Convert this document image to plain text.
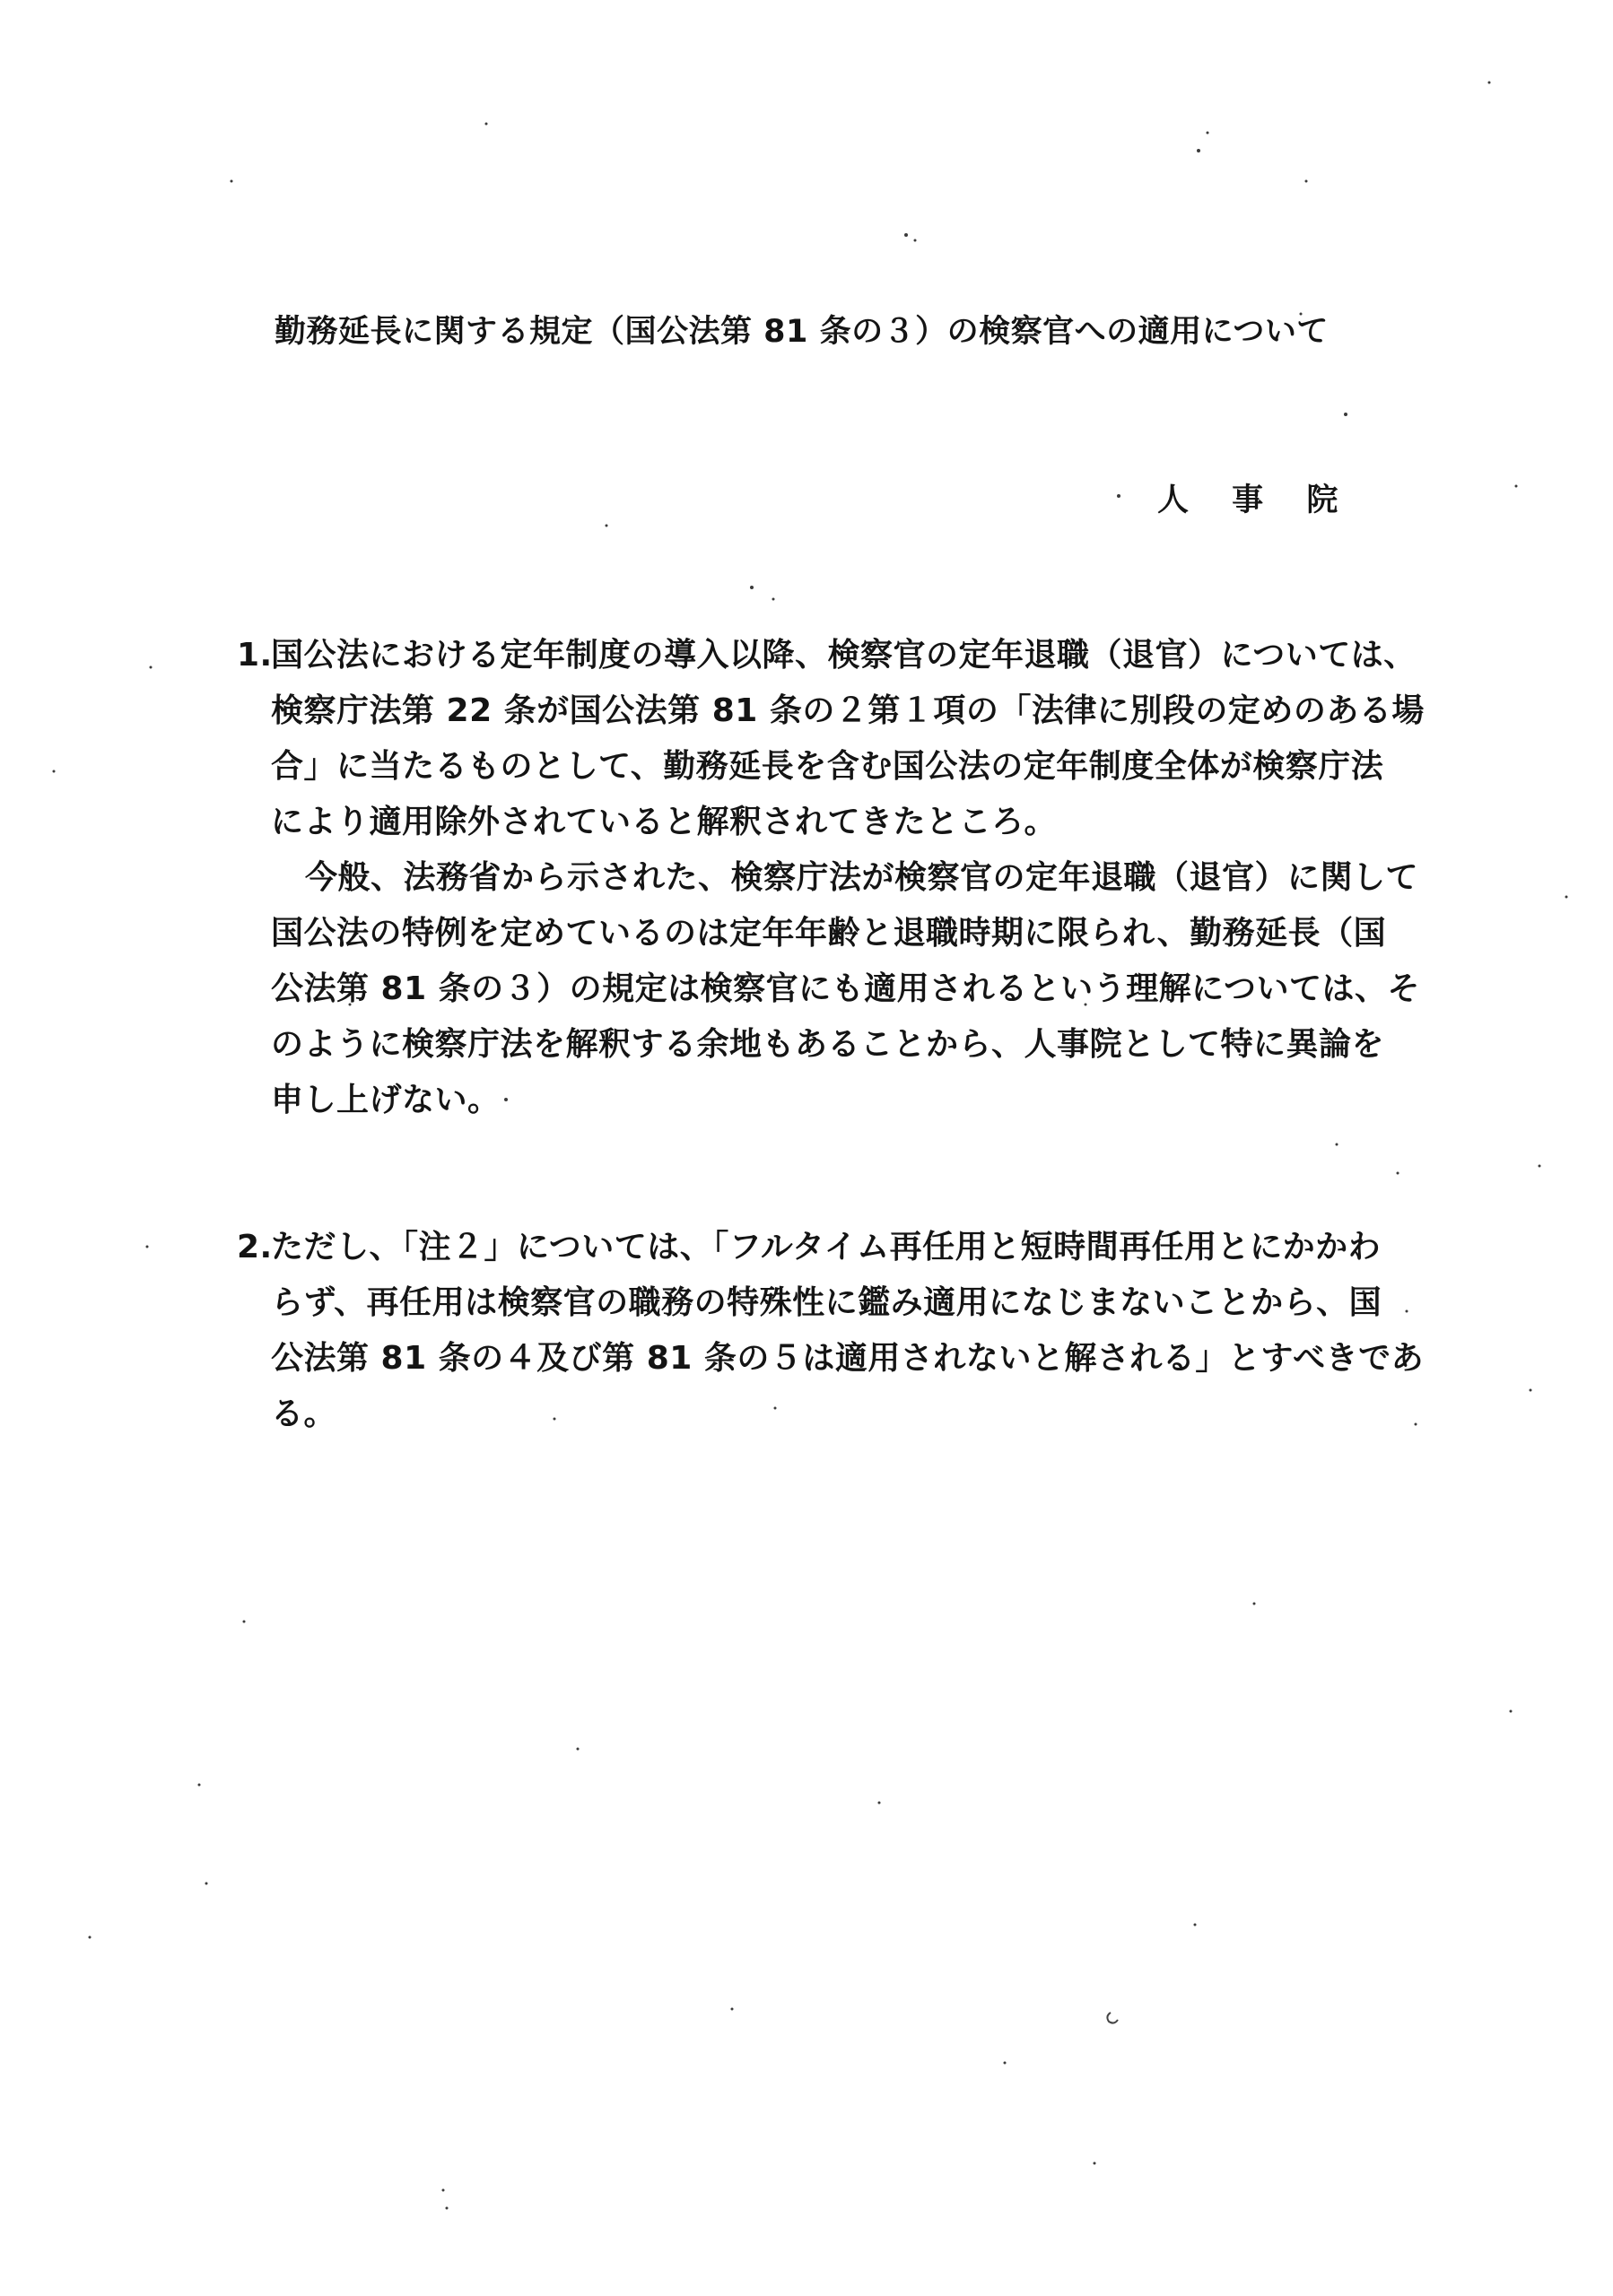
勤務延長に関する規定（国公法第 81 条の３）の検察官への適用について
人 事 院
1.国公法における定年制度の導入以降、検察官の定年退職（退官）については、
検察庁法第 22 条が国公法第 81 条の２第１項の「法律に別段の定めのある場
合」に当たるものとして、勤務延長を含む国公法の定年制度全体が検察庁法
により適用除外されていると解釈されてきたところ。
今般、法務省から示された、検察庁法が検察官の定年退職（退官）に関して
国公法の特例を定めているのは定年年齢と退職時期に限られ、勤務延長（国
公法第 81 条の３）の規定は検察官にも適用されるという理解については、そ
のように検察庁法を解釈する余地もあることから、人事院として特に異論を
申し上げない。
2.ただし、「注２」については、「フルタイム再任用と短時間再任用とにかかわ
らず、再任用は検察官の職務の特殊性に鑑み適用になじまないことから、国
公法第 81 条の４及び第 81 条の５は適用されないと解される」とすべきであ
る。
